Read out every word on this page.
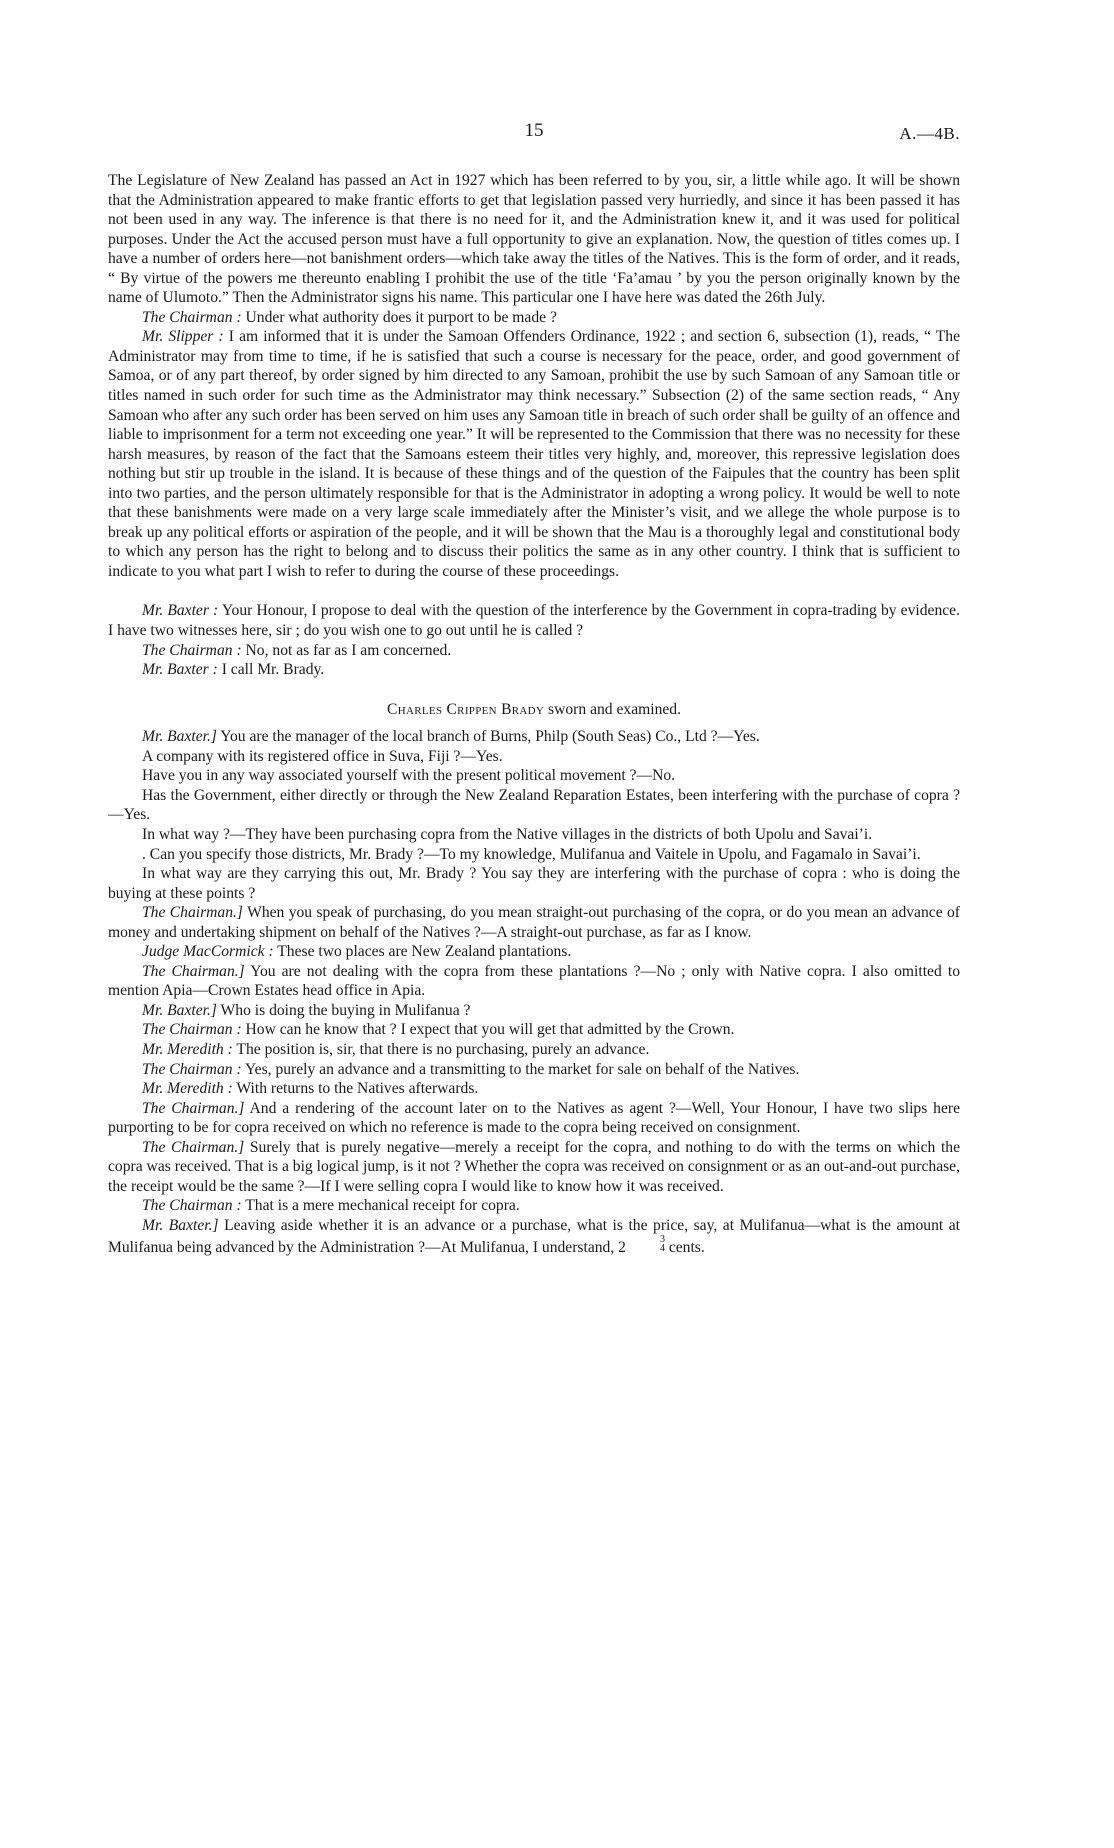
15	A.—4B.

The Legislature of New Zealand has passed an Act in 1927 which has been referred to by you, sir, a little while ago. It will be shown that the Administration appeared to make frantic efforts to get that legislation passed very hurriedly, and since it has been passed it has not been used in any way. The inference is that there is no need for it, and the Administration knew it, and it was used for political purposes. Under the Act the accused person must have a full opportunity to give an explanation. Now, the question of titles comes up. I have a number of orders here—not banishment orders—which take away the titles of the Natives. This is the form of order, and it reads, “ By virtue of the powers me thereunto enabling I prohibit the use of the title ‘Fa’amau ’ by you the person originally known by the name of Ulumoto.” Then the Administrator signs his name. This particular one I have here was dated the 26th July.

The Chairman : Under what authority does it purport to be made ?

Mr. Slipper : I am informed that it is under the Samoan Offenders Ordinance, 1922 ; and section 6, subsection (1), reads, “ The Administrator may from time to time, if he is satisfied that such a course is necessary for the peace, order, and good government of Samoa, or of any part thereof, by order signed by him directed to any Samoan, prohibit the use by such Samoan of any Samoan title or titles named in such order for such time as the Administrator may think necessary.” Subsection (2) of the same section reads, “ Any Samoan who after any such order has been served on him uses any Samoan title in breach of such order shall be guilty of an offence and liable to imprisonment for a term not exceeding one year.” It will be represented to the Commission that there was no necessity for these harsh measures, by reason of the fact that the Samoans esteem their titles very highly, and, moreover, this repressive legislation does nothing but stir up trouble in the island. It is because of these things and of the question of the Faipules that the country has been split into two parties, and the person ultimately responsible for that is the Administrator in adopting a wrong policy. It would be well to note that these banishments were made on a very large scale immediately after the Minister’s visit, and we allege the whole purpose is to break up any political efforts or aspiration of the people, and it will be shown that the Mau is a thoroughly legal and constitutional body to which any person has the right to belong and to discuss their politics the same as in any other country. I think that is sufficient to indicate to you what part I wish to refer to during the course of these proceedings.

Mr. Baxter : Your Honour, I propose to deal with the question of the interference by the Government in copra-trading by evidence. I have two witnesses here, sir ; do you wish one to go out until he is called ?

The Chairman : No, not as far as I am concerned.

Mr. Baxter : I call Mr. Brady.

Charles Crippen Brady sworn and examined.

Mr. Baxter.] You are the manager of the local branch of Burns, Philp (South Seas) Co., Ltd ?—Yes.

A company with its registered office in Suva, Fiji ?—Yes.

Have you in any way associated yourself with the present political movement ?—No.

Has the Government, either directly or through the New Zealand Reparation Estates, been interfering with the purchase of copra ?—Yes.

In what way ?—They have been purchasing copra from the Native villages in the districts of both Upolu and Savai’i.

. Can you specify those districts, Mr. Brady ?—To my knowledge, Mulifanua and Vaitele in Upolu, and Fagamalo in Savai’i.

In what way are they carrying this out, Mr. Brady ? You say they are interfering with the purchase of copra : who is doing the buying at these points ?

The Chairman.] When you speak of purchasing, do you mean straight-out purchasing of the copra, or do you mean an advance of money and undertaking shipment on behalf of the Natives ?—A straight-out purchase, as far as I know.

Judge MacCormick : These two places are New Zealand plantations.

The Chairman.] You are not dealing with the copra from these plantations ?—No ; only with Native copra. I also omitted to mention Apia—Crown Estates head office in Apia.

Mr. Baxter.] Who is doing the buying in Mulifanua ?

The Chairman : How can he know that ? I expect that you will get that admitted by the Crown.

Mr. Meredith : The position is, sir, that there is no purchasing, purely an advance.

The Chairman : Yes, purely an advance and a transmitting to the market for sale on behalf of the Natives.

Mr. Meredith : With returns to the Natives afterwards.

The Chairman.] And a rendering of the account later on to the Natives as agent ?—Well, Your Honour, I have two slips here purporting to be for copra received on which no reference is made to the copra being received on consignment.

The Chairman.] Surely that is purely negative—merely a receipt for the copra, and nothing to do with the terms on which the copra was received. That is a big logical jump, is it not ? Whether the copra was received on consignment or as an out-and-out purchase, the receipt would be the same ?—If I were selling copra I would like to know how it was received.

The Chairman : That is a mere mechanical receipt for copra.

Mr. Baxter.] Leaving aside whether it is an advance or a purchase, what is the price, say, at Mulifanua—what is the amount at Mulifanua being advanced by the Administration ?—At Mulifanua, I understand, 2	3
4 cents.
